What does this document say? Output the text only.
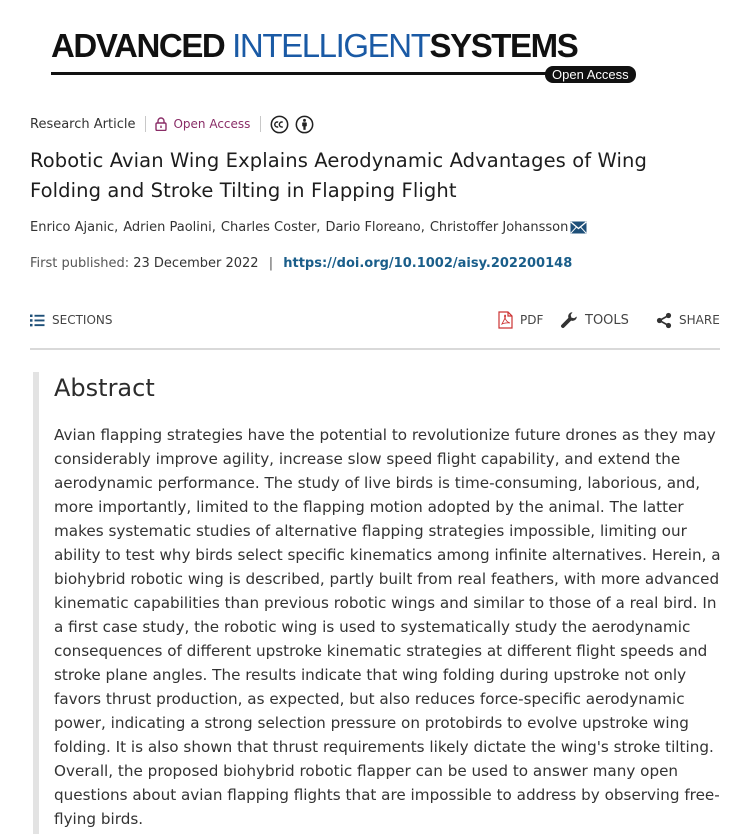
ADVANCED INTELLIGENTSYSTEMS
Open Access
Research Article	Open Access
Robotic Avian Wing Explains Aerodynamic Advantages of Wing Folding and Stroke Tilting in Flapping Flight
Enrico Ajanic , Adrien Paolini , Charles Coster , Dario Floreano , Christoffer Johansson
First published: 23 December 2022 | https://doi.org/10.1002/aisy.202200148
SECTIONS	PDF	TOOLS	SHARE
Abstract

Avian flapping strategies have the potential to revolutionize future drones as they may considerably improve agility, increase slow speed flight capability, and extend the aerodynamic performance. The study of live birds is time-consuming, laborious, and, more importantly, limited to the flapping motion adopted by the animal. The latter makes systematic studies of alternative flapping strategies impossible, limiting our ability to test why birds select specific kinematics among infinite alternatives. Herein, a biohybrid robotic wing is described, partly built from real feathers, with more advanced kinematic capabilities than previous robotic wings and similar to those of a real bird. In a first case study, the robotic wing is used to systematically study the aerodynamic consequences of different upstroke kinematic strategies at different flight speeds and stroke plane angles. The results indicate that wing folding during upstroke not only favors thrust production, as expected, but also reduces force-specific aerodynamic power, indicating a strong selection pressure on protobirds to evolve upstroke wing folding. It is also shown that thrust requirements likely dictate the wing's stroke tilting. Overall, the proposed biohybrid robotic flapper can be used to answer many open questions about avian flapping flights that are impossible to address by observing free-flying birds.
